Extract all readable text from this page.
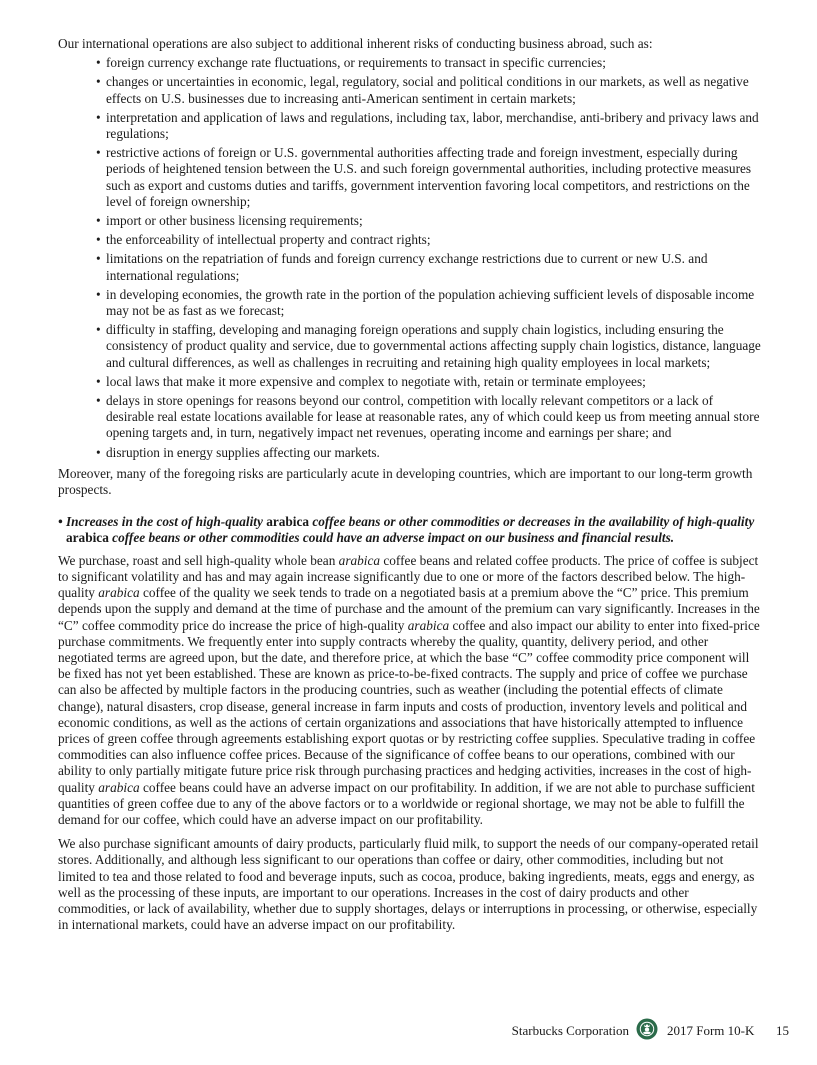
Our international operations are also subject to additional inherent risks of conducting business abroad, such as:

• foreign currency exchange rate fluctuations, or requirements to transact in specific currencies;
• changes or uncertainties in economic, legal, regulatory, social and political conditions in our markets, as well as negative effects on U.S. businesses due to increasing anti-American sentiment in certain markets;
• interpretation and application of laws and regulations, including tax, labor, merchandise, anti-bribery and privacy laws and regulations;
• restrictive actions of foreign or U.S. governmental authorities affecting trade and foreign investment, especially during periods of heightened tension between the U.S. and such foreign governmental authorities, including protective measures such as export and customs duties and tariffs, government intervention favoring local competitors, and restrictions on the level of foreign ownership;
• import or other business licensing requirements;
• the enforceability of intellectual property and contract rights;
• limitations on the repatriation of funds and foreign currency exchange restrictions due to current or new U.S. and international regulations;
• in developing economies, the growth rate in the portion of the population achieving sufficient levels of disposable income may not be as fast as we forecast;
• difficulty in staffing, developing and managing foreign operations and supply chain logistics, including ensuring the consistency of product quality and service, due to governmental actions affecting supply chain logistics, distance, language and cultural differences, as well as challenges in recruiting and retaining high quality employees in local markets;
• local laws that make it more expensive and complex to negotiate with, retain or terminate employees;
• delays in store openings for reasons beyond our control, competition with locally relevant competitors or a lack of desirable real estate locations available for lease at reasonable rates, any of which could keep us from meeting annual store opening targets and, in turn, negatively impact net revenues, operating income and earnings per share; and
• disruption in energy supplies affecting our markets.

Moreover, many of the foregoing risks are particularly acute in developing countries, which are important to our long-term growth prospects.

• Increases in the cost of high-quality arabica coffee beans or other commodities or decreases in the availability of high-quality arabica coffee beans or other commodities could have an adverse impact on our business and financial results.

We purchase, roast and sell high-quality whole bean arabica coffee beans and related coffee products. The price of coffee is subject to significant volatility and has and may again increase significantly due to one or more of the factors described below. The high-quality arabica coffee of the quality we seek tends to trade on a negotiated basis at a premium above the “C” price. This premium depends upon the supply and demand at the time of purchase and the amount of the premium can vary significantly. Increases in the “C” coffee commodity price do increase the price of high-quality arabica coffee and also impact our ability to enter into fixed-price purchase commitments. We frequently enter into supply contracts whereby the quality, quantity, delivery period, and other negotiated terms are agreed upon, but the date, and therefore price, at which the base “C” coffee commodity price component will be fixed has not yet been established. These are known as price-to-be-fixed contracts. The supply and price of coffee we purchase can also be affected by multiple factors in the producing countries, such as weather (including the potential effects of climate change), natural disasters, crop disease, general increase in farm inputs and costs of production, inventory levels and political and economic conditions, as well as the actions of certain organizations and associations that have historically attempted to influence prices of green coffee through agreements establishing export quotas or by restricting coffee supplies. Speculative trading in coffee commodities can also influence coffee prices. Because of the significance of coffee beans to our operations, combined with our ability to only partially mitigate future price risk through purchasing practices and hedging activities, increases in the cost of high-quality arabica coffee beans could have an adverse impact on our profitability. In addition, if we are not able to purchase sufficient quantities of green coffee due to any of the above factors or to a worldwide or regional shortage, we may not be able to fulfill the demand for our coffee, which could have an adverse impact on our profitability.

We also purchase significant amounts of dairy products, particularly fluid milk, to support the needs of our company-operated retail stores. Additionally, and although less significant to our operations than coffee or dairy, other commodities, including but not limited to tea and those related to food and beverage inputs, such as cocoa, produce, baking ingredients, meats, eggs and energy, as well as the processing of these inputs, are important to our operations. Increases in the cost of dairy products and other commodities, or lack of availability, whether due to supply shortages, delays or interruptions in processing, or otherwise, especially in international markets, could have an adverse impact on our profitability.

Starbucks Corporation	2017 Form 10-K 15
